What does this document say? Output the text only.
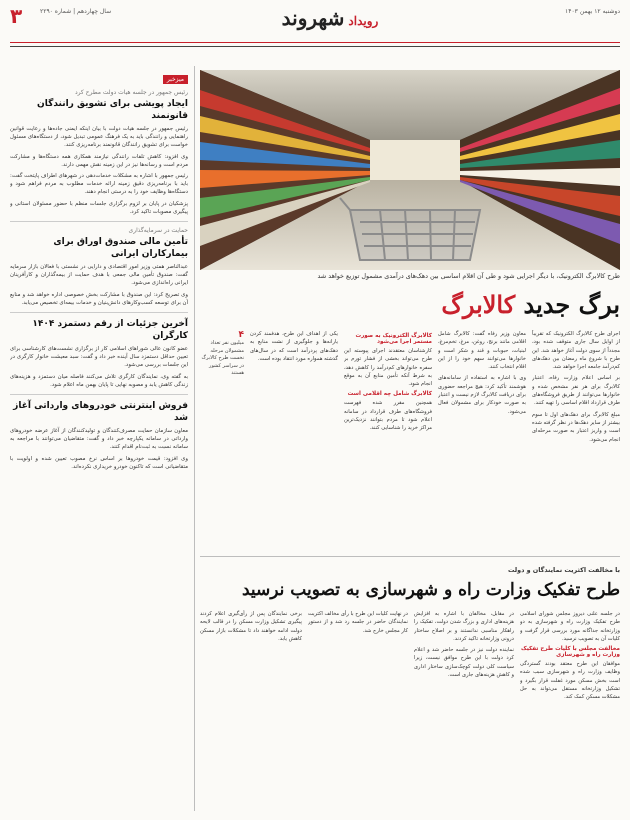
دوشنبه ۱۲ بهمن ۱۴۰۳
رویدادشهروند
سال چهاردهم | شماره ۲۲۹۰
۳
میزخبر
رئیس جمهور در جلسه هیات دولت مطرح کرد
ایجاد پویشی برای تشویق رانندگان قانونمند

رئیس جمهور در جلسه هیات دولت با بیان اینکه ایمنی جاده‌ها و رعایت قوانین راهنمایی و رانندگی باید به یک فرهنگ عمومی تبدیل شود، از دستگاه‌های مسئول خواست برای تشویق رانندگان قانونمند برنامه‌ریزی کنند.

وی افزود: کاهش تلفات رانندگی نیازمند همکاری همه دستگاه‌ها و مشارکت مردم است و رسانه‌ها نیز در این زمینه نقش مهمی دارند.

رئیس جمهور با اشاره به مشکلات خدمات‌دهی در شهرهای اطراف پایتخت گفت: باید با برنامه‌ریزی دقیق زمینه ارائه خدمات مطلوب به مردم فراهم شود و دستگاه‌ها وظایف خود را به درستی انجام دهند.

پزشکیان در پایان بر لزوم برگزاری جلسات منظم با حضور مسئولان استانی و پیگیری مصوبات تاکید کرد.

حمایت در سرمایه‌گذاری
تأمین مالی صندوق اوراق برای بیمارکاران ایرانی

عبدالناصر همتی وزیر امور اقتصادی و دارایی در نشستی با فعالان بازار سرمایه گفت: صندوق تأمین مالی جمعی با هدف حمایت از بیمه‌گذاران و کارآفرینان ایرانی راه‌اندازی می‌شود.

وی تصریح کرد: این صندوق با مشارکت بخش خصوصی اداره خواهد شد و منابع آن برای توسعه کسب‌وکارهای دانش‌بنیان و خدمات بیمه‌ای تخصیص می‌یابد.

آخرین جزئیات از رقم دستمزد ۱۴۰۴ کارگران

عضو کانون عالی شوراهای اسلامی کار از برگزاری نشست‌های کارشناسی برای تعیین حداقل دستمزد سال آینده خبر داد و گفت: سبد معیشت خانوار کارگری در این جلسات بررسی می‌شود.

به گفته وی، نمایندگان کارگری تلاش می‌کنند فاصله میان دستمزد و هزینه‌های زندگی کاهش یابد و مصوبه نهایی تا پایان بهمن ماه اعلام شود.

فروش اینترنتی خودروهای وارداتی آغاز شد

معاون سازمان حمایت مصرف‌کنندگان و تولیدکنندگان از آغاز عرضه خودروهای وارداتی در سامانه یکپارچه خبر داد و گفت: متقاضیان می‌توانند با مراجعه به سامانه نسبت به ثبت‌نام اقدام کنند.

وی افزود: قیمت خودروها بر اساس نرخ مصوب تعیین شده و اولویت با متقاضیانی است که تاکنون خودرو خریداری نکرده‌اند.

طرح کالابرگ الکترونیک، با دیگر اجرایی شود و طی آن اقلام اساسی بین دهک‌های درآمدی مشمول توزیع خواهد شد
برگ جدید کالابرگ

اجرای طرح کالابرگ الکترونیک که تقریباً از اوایل سال جاری متوقف شده بود، مجدداً از سوی دولت آغاز خواهد شد. این طرح با شروع ماه رمضان بین دهک‌های کم‌درآمد جامعه اجرا خواهد شد.

بر اساس اعلام وزارت رفاه، اعتبار کالابرگ برای هر نفر مشخص شده و خانوارها می‌توانند از طریق فروشگاه‌های طرف قرارداد اقلام اساسی را تهیه کنند.

مبلغ کالابرگ برای دهک‌های اول تا سوم بیشتر از سایر دهک‌ها در نظر گرفته شده است و واریز اعتبار به صورت مرحله‌ای انجام می‌شود.

معاون وزیر رفاه گفت: کالابرگ شامل اقلامی مانند برنج، روغن، مرغ، تخم‌مرغ، لبنیات، حبوبات و قند و شکر است و خانوارها می‌توانند سهم خود را از این اقلام انتخاب کنند.

وی با اشاره به استفاده از سامانه‌های هوشمند تأکید کرد: هیچ مراجعه حضوری برای دریافت کالابرگ لازم نیست و اعتبار به صورت خودکار برای مشمولان فعال می‌شود.

کالابرگ الکترونیک به صورت مستمر اجرا می‌شود

کارشناسان معتقدند اجرای پیوسته این طرح می‌تواند بخشی از فشار تورم بر سفره خانوارهای کم‌درآمد را کاهش دهد، به شرط آنکه تأمین منابع آن به موقع انجام شود.

کالابرگ شامل چه اقلامی است

همچنین مقرر شده فهرست فروشگاه‌های طرف قرارداد در سامانه اعلام شود تا مردم بتوانند نزدیک‌ترین مراکز خرید را شناسایی کنند.

یکی از اهداف این طرح، هدفمند کردن یارانه‌ها و جلوگیری از نشت منابع به دهک‌های پردرآمد است که در سال‌های گذشته همواره مورد انتقاد بوده است.

۴

میلیون نفر تعداد مشمولان مرحله نخست طرح کالابرگ در سراسر کشور هستند

با مخالفت اکثریت نمایندگان و دولت
طرح تفکیک وزارت راه و شهرسازی به تصویب نرسید

در جلسه علنی دیروز مجلس شورای اسلامی طرح تفکیک وزارت راه و شهرسازی به دو وزارتخانه جداگانه مورد بررسی قرار گرفت و کلیات آن به تصویب نرسید.

مخالفت مجلس با کلیات طرح تفکیک وزارت راه و شهرسازی

موافقان این طرح معتقد بودند گستردگی وظایف وزارت راه و شهرسازی سبب شده است بخش مسکن مورد غفلت قرار بگیرد و تشکیل وزارتخانه مستقل می‌تواند به حل مشکلات مسکن کمک کند.

در مقابل، مخالفان با اشاره به افزایش هزینه‌های اداری و بزرگ شدن دولت، تفکیک را راهکار مناسبی ندانستند و بر اصلاح ساختار درونی وزارتخانه تاکید کردند.

نماینده دولت نیز در جلسه حاضر شد و اعلام کرد دولت با این طرح موافق نیست، زیرا سیاست کلی دولت کوچک‌سازی ساختار اداری و کاهش هزینه‌های جاری است.

در نهایت کلیات این طرح با رأی مخالف اکثریت نمایندگان حاضر در جلسه رد شد و از دستور کار مجلس خارج شد.

برخی نمایندگان پس از رأی‌گیری اعلام کردند پیگیری تشکیل وزارت مسکن را در قالب لایحه دولت ادامه خواهند داد تا مشکلات بازار مسکن کاهش یابد.
